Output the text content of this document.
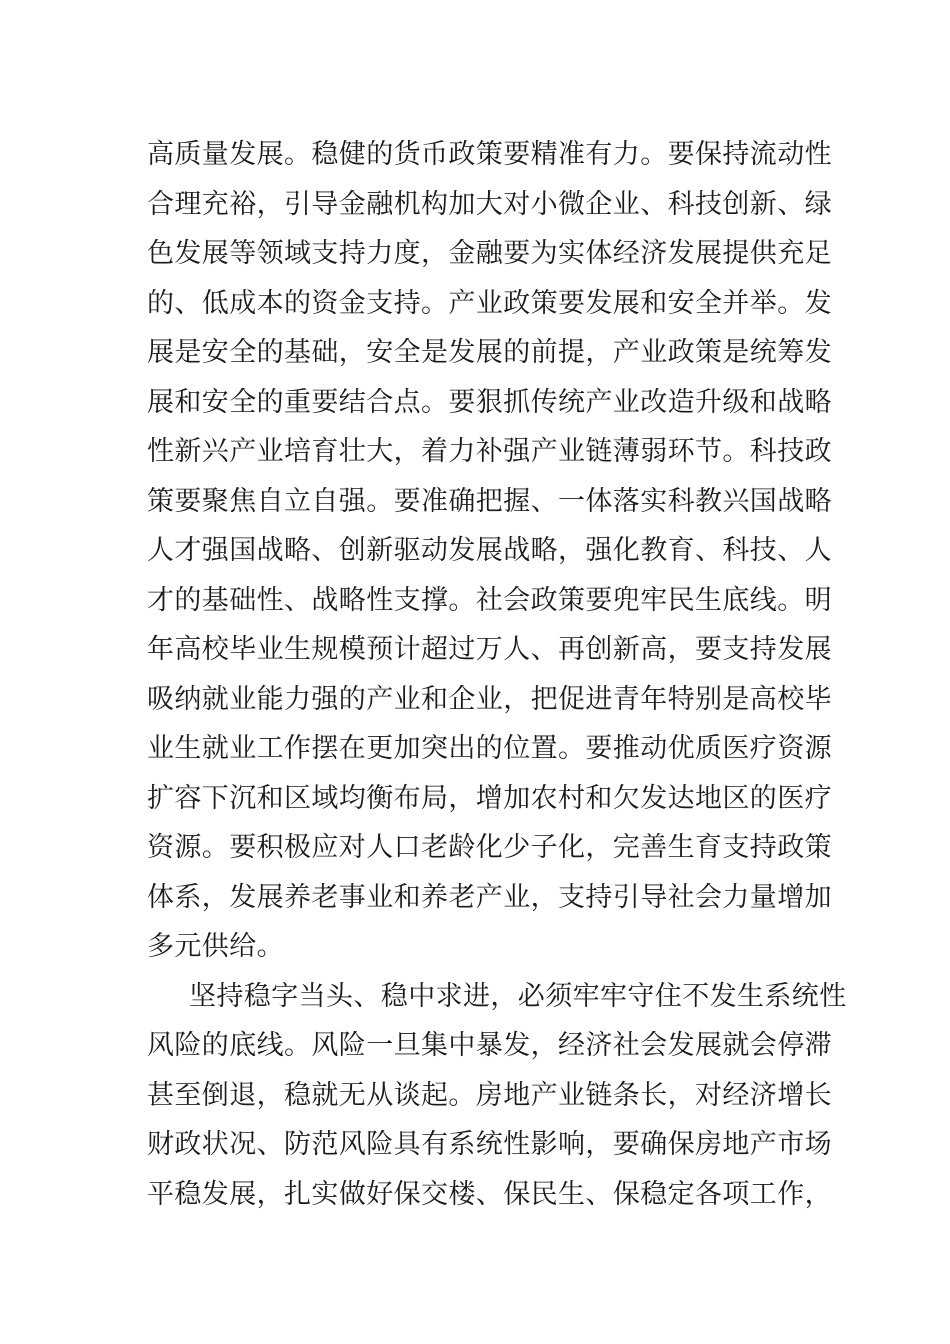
高质量发展。稳健的货币政策要精准有力。要保持流动性
合理充裕，引导金融机构加大对小微企业、科技创新、绿
色发展等领域支持力度，金融要为实体经济发展提供充足
的、低成本的资金支持。产业政策要发展和安全并举。发
展是安全的基础，安全是发展的前提，产业政策是统筹发
展和安全的重要结合点。要狠抓传统产业改造升级和战略
性新兴产业培育壮大，着力补强产业链薄弱环节。科技政
策要聚焦自立自强。要准确把握、一体落实科教兴国战略
人才强国战略、创新驱动发展战略，强化教育、科技、人
才的基础性、战略性支撑。社会政策要兜牢民生底线。明
年高校毕业生规模预计超过万人、再创新高，要支持发展
吸纳就业能力强的产业和企业，把促进青年特别是高校毕
业生就业工作摆在更加突出的位置。要推动优质医疗资源
扩容下沉和区域均衡布局，增加农村和欠发达地区的医疗
资源。要积极应对人口老龄化少子化，完善生育支持政策
体系，发展养老事业和养老产业，支持引导社会力量增加
多元供给。
坚持稳字当头、稳中求进，必须牢牢守住不发生系统性
风险的底线。风险一旦集中暴发，经济社会发展就会停滞
甚至倒退，稳就无从谈起。房地产业链条长，对经济增长
财政状况、防范风险具有系统性影响，要确保房地产市场
平稳发展，扎实做好保交楼、保民生、保稳定各项工作，
